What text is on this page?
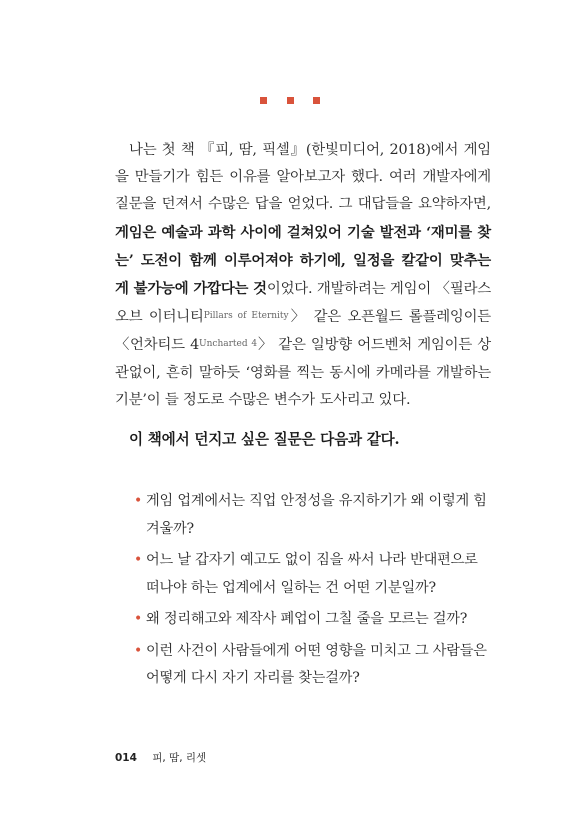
나는 첫 책 『피, 땀, 픽셀』(한빛미디어, 2018)에서 게임을 만들기가 힘든 이유를 알아보고자 했다. 여러 개발자에게 질문을 던져서 수많은 답을 얻었다. 그 대답들을 요약하자면, 게임은 예술과 과학 사이에 걸쳐있어 기술 발전과 ‘재미를 찾는’ 도전이 함께 이루어져야 하기에, 일정을 칼같이 맞추는 게 불가능에 가깝다는 것이었다. 개발하려는 게임이 〈필라스 오브 이터니티$^{Pillars of Eternity}$〉 같은 오픈월드 롤플레잉이든 〈언차티드 $4^{Uncharted 4}$〉 같은 일방향 어드벤처 게임이든 상관없이, 흔히 말하듯 ‘영화를 찍는 동시에 카메라를 개발하는 기분’이 들 정도로 수많은 변수가 도사리고 있다.

이 책에서 던지고 싶은 질문은 다음과 같다.
• 게임 업계에서는 직업 안정성을 유지하기가 왜 이렇게 힘겨울까?
• 어느 날 갑자기 예고도 없이 짐을 싸서 나라 반대편으로 떠나야 하는 업계에서 일하는 건 어떤 기분일까?
• 왜 정리해고와 제작사 폐업이 그칠 줄을 모르는 걸까?
• 이런 사건이 사람들에게 어떤 영향을 미치고 그 사람들은 어떻게 다시 자기 자리를 찾는걸까?
014 피, 땀, 리셋
